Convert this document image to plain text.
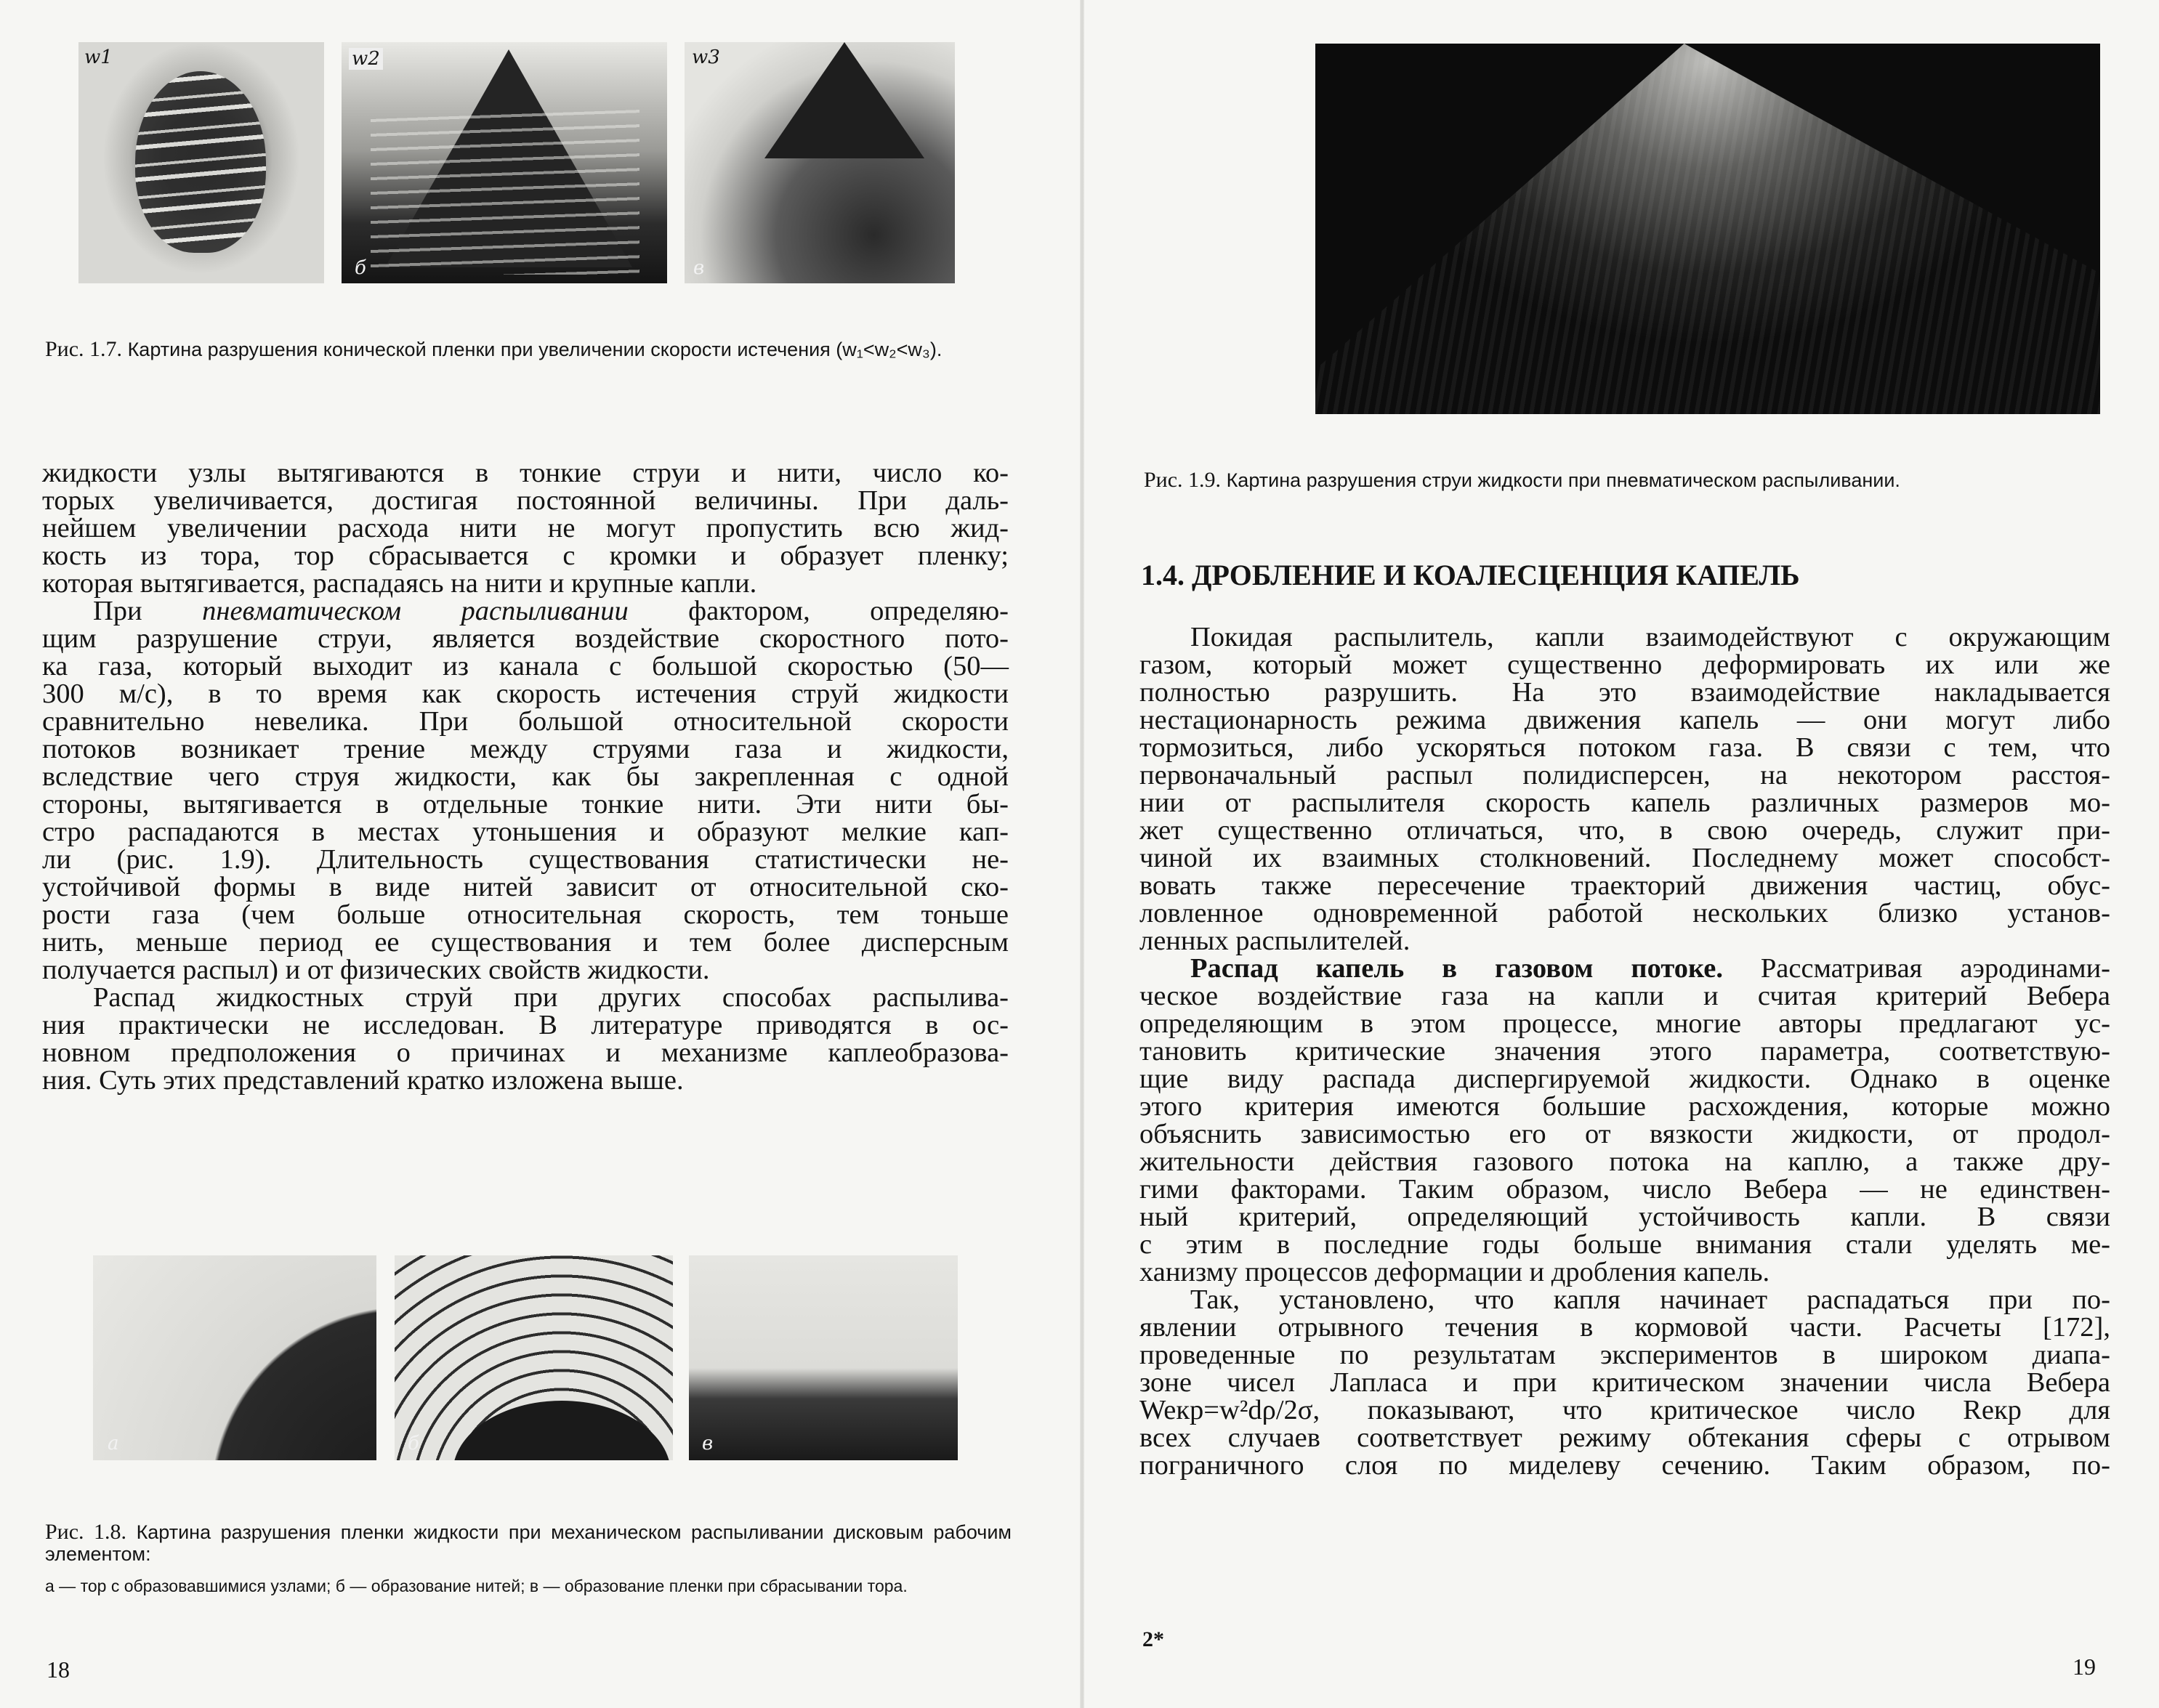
w1	w2
б
w3
в
Рис. 1.7. Картина разрушения конической пленки при увеличении скорости истечения (w₁<w₂<w₃).
жидкости узлы вытягиваются в тонкие струи и нити, число ко-
торых увеличивается, достигая постоянной величины. При даль-
нейшем увеличении расхода нити не могут пропустить всю жид-
кость из тора, тор сбрасывается с кромки и образует пленку;
которая вытягивается, распадаясь на нити и крупные капли.
При пневматическом распыливании фактором, определяю-
щим разрушение струи, является воздействие скоростного пото-
ка газа, который выходит из канала с большой скоростью (50—
300 м/с), в то время как скорость истечения струй жидкости
сравнительно невелика. При большой относительной скорости
потоков возникает трение между струями газа и жидкости,
вследствие чего струя жидкости, как бы закрепленная с одной
стороны, вытягивается в отдельные тонкие нити. Эти нити бы-
стро распадаются в местах утоньшения и образуют мелкие кап-
ли (рис. 1.9). Длительность существования статистически не-
устойчивой формы в виде нитей зависит от относительной ско-
рости газа (чем больше относительная скорость, тем тоньше
нить, меньше период ее существования и тем более дисперсным
получается распыл) и от физических свойств жидкости.
Распад жидкостных струй при других способах распылива-
ния практически не исследован. В литературе приводятся в ос-
новном предположения о причинах и механизме каплеобразова-
ния. Суть этих представлений кратко изложена выше.
а	б	в
Рис. 1.8. Картина разрушения пленки жидкости при механическом распыливании дисковым рабочим элементом:
а — тор с образовавшимися узлами; б — образование нитей; в — образование пленки при сбрасывании тора.
18
Рис. 1.9. Картина разрушения струи жидкости при пневматическом распыливании.
1.4. ДРОБЛЕНИЕ И КОАЛЕСЦЕНЦИЯ КАПЕЛЬ
Покидая распылитель, капли взаимодействуют с окружающим
газом, который может существенно деформировать их или же
полностью разрушить. На это взаимодействие накладывается
нестационарность режима движения капель — они могут либо
тормозиться, либо ускоряться потоком газа. В связи с тем, что
первоначальный распыл полидисперсен, на некотором расстоя-
нии от распылителя скорость капель различных размеров мо-
жет существенно отличаться, что, в свою очередь, служит при-
чиной их взаимных столкновений. Последнему может способст-
вовать также пересечение траекторий движения частиц, обус-
ловленное одновременной работой нескольких близко установ-
ленных распылителей.
Распад капель в газовом потоке. Рассматривая аэродинами-
ческое воздействие газа на капли и считая критерий Вебера
определяющим в этом процессе, многие авторы предлагают ус-
тановить критические значения этого параметра, соответствую-
щие виду распада диспергируемой жидкости. Однако в оценке
этого критерия имеются большие расхождения, которые можно
объяснить зависимостью его от вязкости жидкости, от продол-
жительности действия газового потока на каплю, а также дру-
гими факторами. Таким образом, число Вебера — не единствен-
ный критерий, определяющий устойчивость капли. В связи
с этим в последние годы больше внимания стали уделять ме-
ханизму процессов деформации и дробления капель.
Так, установлено, что капля начинает распадаться при по-
явлении отрывного течения в кормовой части. Расчеты [172],
проведенные по результатам экспериментов в широком диапа-
зоне чисел Лапласа и при критическом значении числа Вебера
Weкр=w²dρ/2σ, показывают, что критическое число Reкр для
всех случаев соответствует режиму обтекания сферы с отрывом
пограничного слоя по миделеву сечению. Таким образом, по-
2*
19
